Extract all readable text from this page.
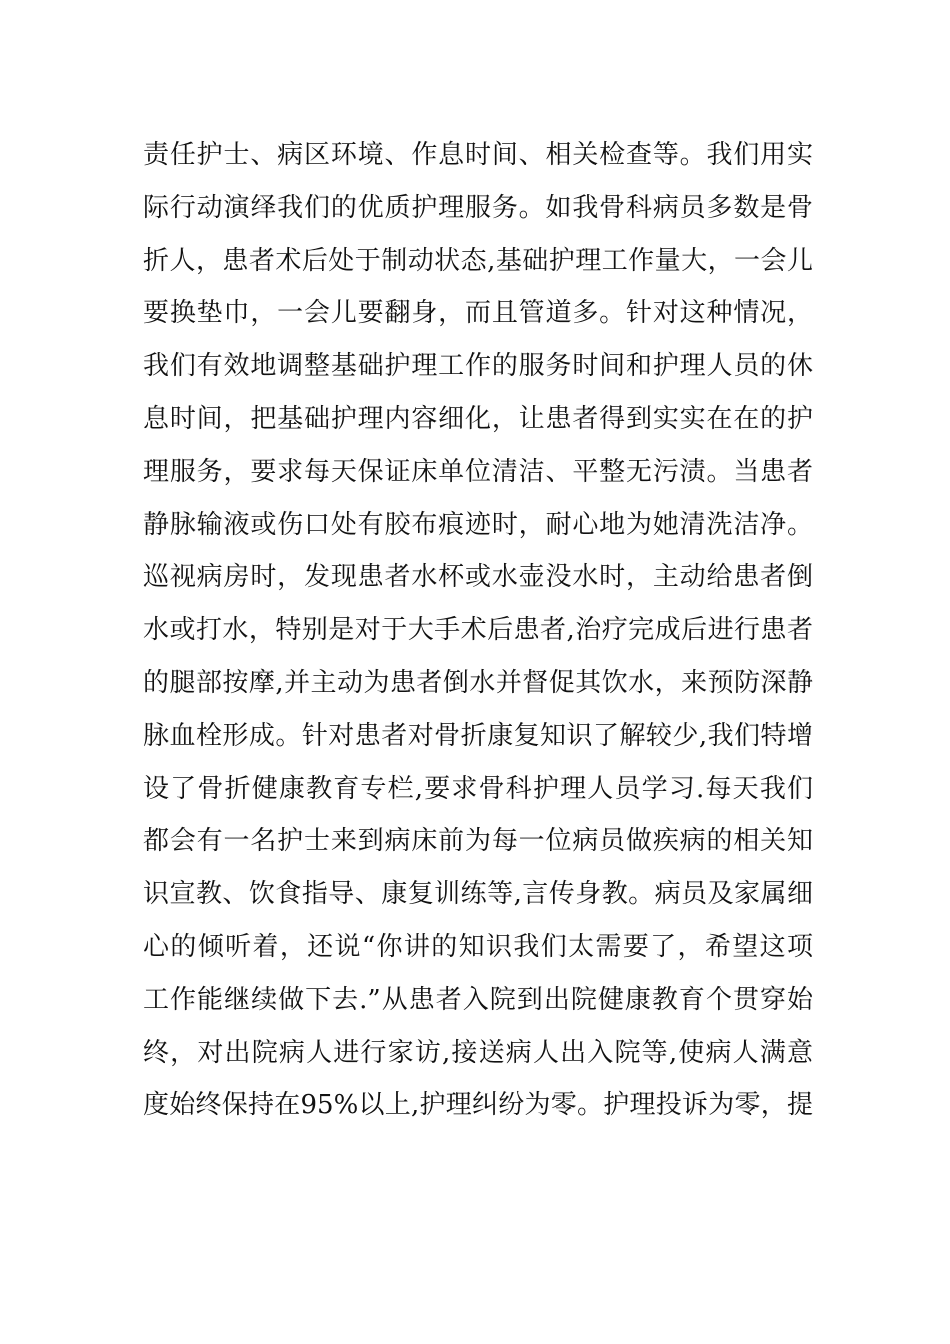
责任护士、病区环境、作息时间、相关检查等。我们用实
际行动演绎我们的优质护理服务。如我骨科病员多数是骨
折人，患者术后处于制动状态,基础护理工作量大，一会儿
要换垫巾，一会儿要翻身，而且管道多。针对这种情况，
我们有效地调整基础护理工作的服务时间和护理人员的休
息时间，把基础护理内容细化，让患者得到实实在在的护
理服务，要求每天保证床单位清洁、平整无污渍。当患者
静脉输液或伤口处有胶布痕迹时，耐心地为她清洗洁净。
巡视病房时，发现患者水杯或水壶没水时，主动给患者倒
水或打水，特别是对于大手术后患者,治疗完成后进行患者
的腿部按摩,并主动为患者倒水并督促其饮水，来预防深静
脉血栓形成。针对患者对骨折康复知识了解较少,我们特增
设了骨折健康教育专栏,要求骨科护理人员学习.每天我们
都会有一名护士来到病床前为每一位病员做疾病的相关知
识宣教、饮食指导、康复训练等,言传身教。病员及家属细
心的倾听着，还说“你讲的知识我们太需要了，希望这项
工作能继续做下去.”从患者入院到出院健康教育个贯穿始
终，对出院病人进行家访,接送病人出入院等,使病人满意
度始终保持在95%以上,护理纠纷为零。护理投诉为零，提
